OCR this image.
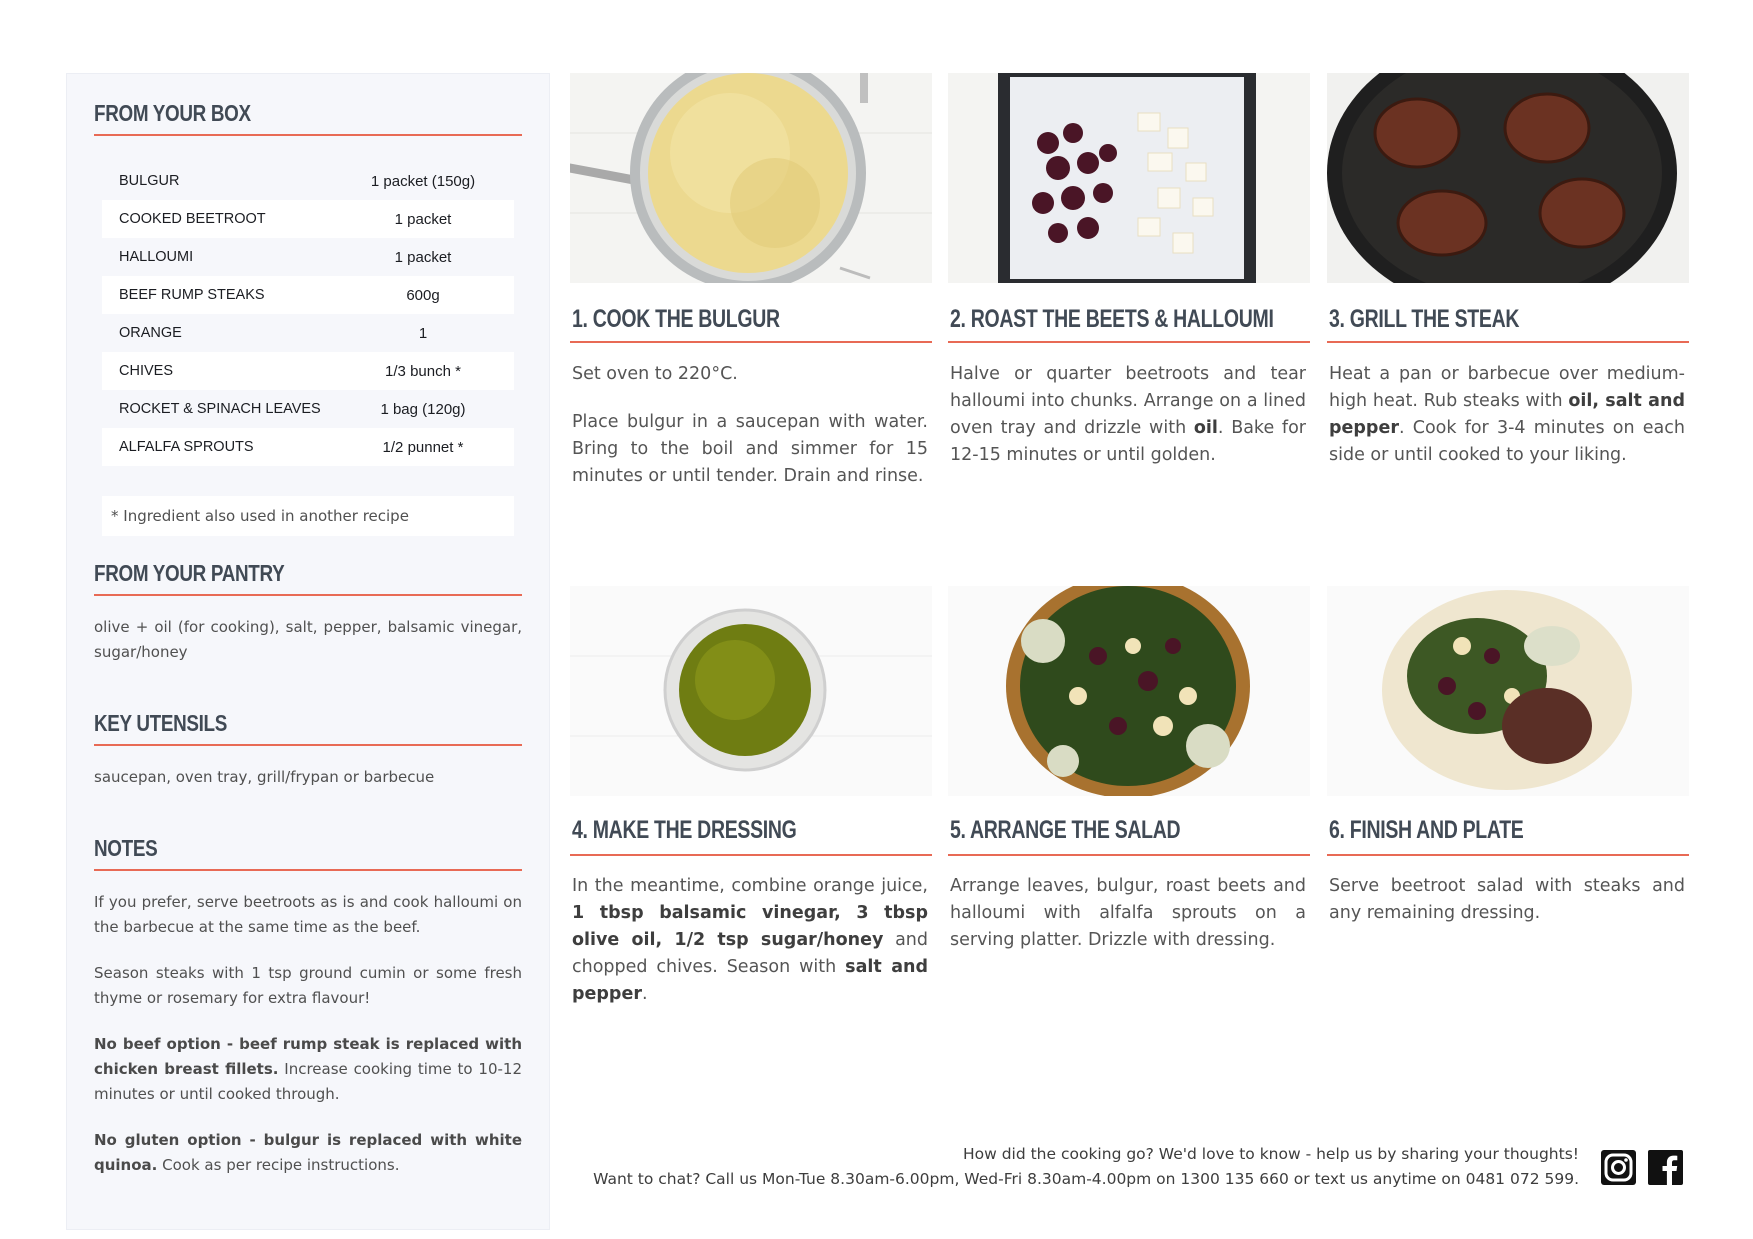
FROM YOUR BOX
BULGUR	1 packet (150g)
COOKED BEETROOT	1 packet
HALLOUMI	1 packet
BEEF RUMP STEAKS	600g
ORANGE	1
CHIVES	1/3 bunch *
ROCKET & SPINACH LEAVES	1 bag (120g)
ALFALFA SPROUTS	1/2 punnet *
* Ingredient also used in another recipe
FROM YOUR PANTRY
olive + oil (for cooking), salt, pepper, balsamic vinegar, sugar/honey
KEY UTENSILS
saucepan, oven tray, grill/frypan or barbecue
NOTES
If you prefer, serve beetroots as is and cook halloumi on the barbecue at the same time as the beef.
Season steaks with 1 tsp ground cumin or some fresh thyme or rosemary for extra flavour!
No beef option - beef rump steak is replaced with chicken breast fillets. Increase cooking time to 10-12 minutes or until cooked through.
No gluten option - bulgur is replaced with white quinoa. Cook as per recipe instructions.
1. COOK THE BULGUR

Set oven to 220°C.

Place bulgur in a saucepan with water. Bring to the boil and simmer for 15 minutes or until tender. Drain and rinse.

2. ROAST THE BEETS & HALLOUMI
Halve or quarter beetroots and tear halloumi into chunks. Arrange on a lined oven tray and drizzle with oil. Bake for 12-15 minutes or until golden.
3. GRILL THE STEAK
Heat a pan or barbecue over medium-high heat. Rub steaks with oil, salt and pepper. Cook for 3-4 minutes on each side or until cooked to your liking.
4. MAKE THE DRESSING
In the meantime, combine orange juice, 1 tbsp balsamic vinegar, 3 tbsp olive oil, 1/2 tsp sugar/honey and chopped chives. Season with salt and pepper.
5. ARRANGE THE SALAD
Arrange leaves, bulgur, roast beets and halloumi with alfalfa sprouts on a serving platter. Drizzle with dressing.
6. FINISH AND PLATE
Serve beetroot salad with steaks and any remaining dressing.
How did the cooking go? We'd love to know - help us by sharing your thoughts!
Want to chat? Call us Mon-Tue 8.30am-6.00pm, Wed-Fri 8.30am-4.00pm on 1300 135 660 or text us anytime on 0481 072 599.
